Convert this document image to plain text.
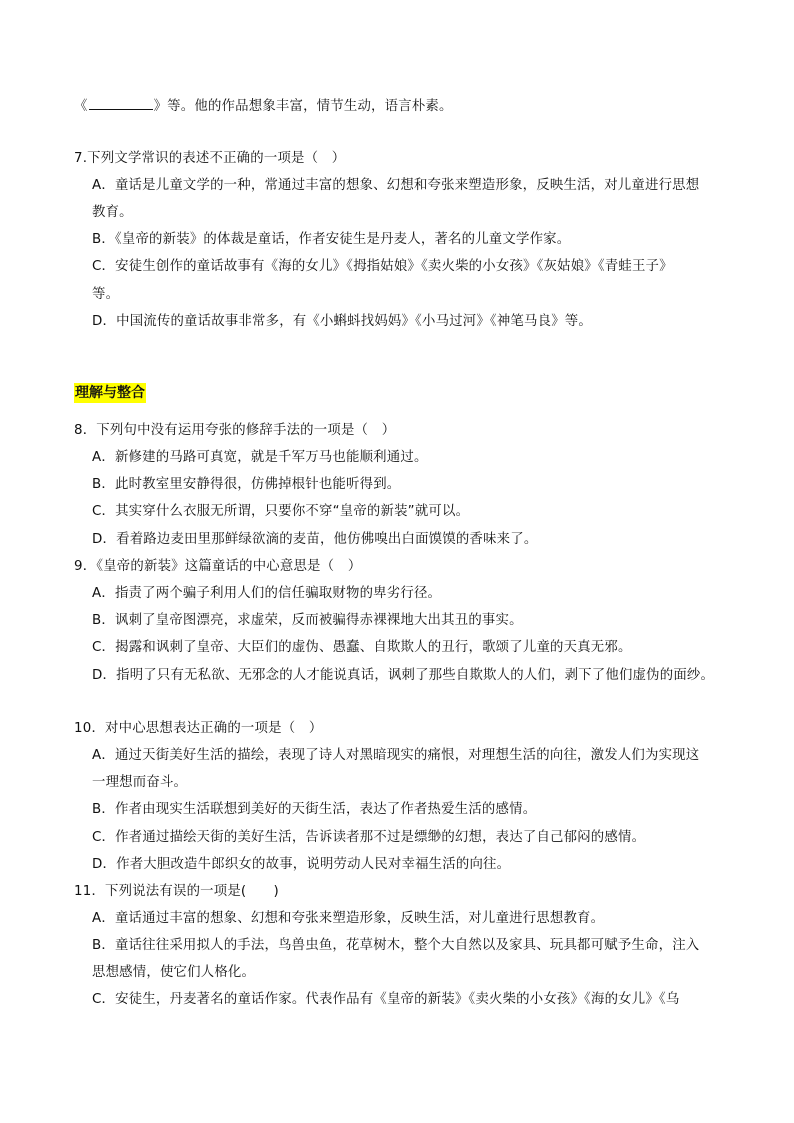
《	》等。他的作品想象丰富，情节生动，语言朴素。

7.下列文学常识的表述不正确的一项是（　）

A．童话是儿童文学的一种，常通过丰富的想象、幻想和夸张来塑造形象，反映生活，对儿童进行思想

教育。

B．《皇帝的新装》的体裁是童话，作者安徒生是丹麦人，著名的儿童文学作家。

C．安徒生创作的童话故事有《海的女儿》《拇指姑娘》《卖火柴的小女孩》《灰姑娘》《青蛙王子》

等。

D．中国流传的童话故事非常多，有《小蝌蚪找妈妈》《小马过河》《神笔马良》等。

理解与整合

8．下列句中没有运用夸张的修辞手法的一项是（　）

A．新修建的马路可真宽，就是千军万马也能顺利通过。

B．此时教室里安静得很，仿佛掉根针也能听得到。

C．其实穿什么衣服无所谓，只要你不穿“皇帝的新装”就可以。

D．看着路边麦田里那鲜绿欲滴的麦苗，他仿佛嗅出白面馍馍的香味来了。

9．《皇帝的新装》这篇童话的中心意思是（　）

A．指责了两个骗子利用人们的信任骗取财物的卑劣行径。

B．讽刺了皇帝图漂亮，求虚荣，反而被骗得赤裸裸地大出其丑的事实。

C．揭露和讽刺了皇帝、大臣们的虚伪、愚蠢、自欺欺人的丑行，歌颂了儿童的天真无邪。

D．指明了只有无私欲、无邪念的人才能说真话，讽刺了那些自欺欺人的人们，剥下了他们虚伪的面纱。

10．对中心思想表达正确的一项是（　）

A．通过天街美好生活的描绘，表现了诗人对黑暗现实的痛恨，对理想生活的向往，激发人们为实现这

一理想而奋斗。

B．作者由现实生活联想到美好的天街生活，表达了作者热爱生活的感情。

C．作者通过描绘天街的美好生活，告诉读者那不过是缥缈的幻想，表达了自己郁闷的感情。

D．作者大胆改造牛郎织女的故事，说明劳动人民对幸福生活的向往。

11．下列说法有误的一项是(　　)

A．童话通过丰富的想象、幻想和夸张来塑造形象，反映生活，对儿童进行思想教育。

B．童话往往采用拟人的手法，鸟兽虫鱼，花草树木，整个大自然以及家具、玩具都可赋予生命，注入

思想感情，使它们人格化。

C．安徒生，丹麦著名的童话作家。代表作品有《皇帝的新装》《卖火柴的小女孩》《海的女儿》《乌
